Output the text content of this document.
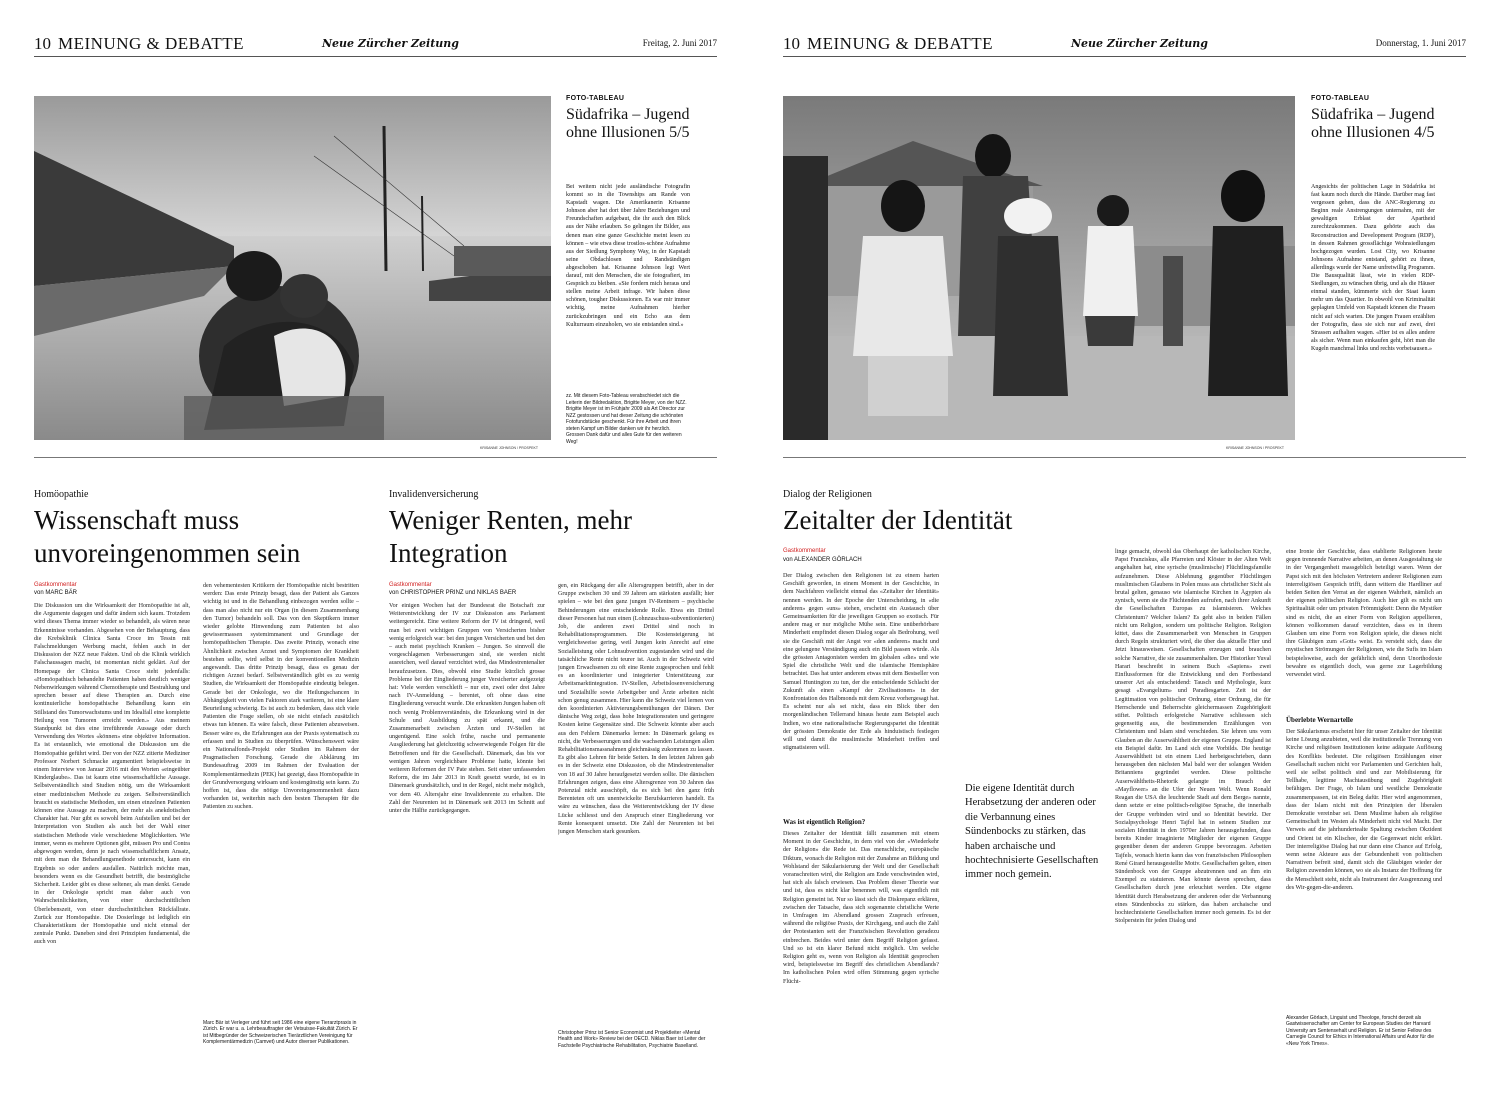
10 MEINUNG & DEBATTE	Neue Zürcher Zeitung	Freitag, 2. Juni 2017
KRISANNE JOHNSON / PROSPEKT
FOTO-TABLEAU
Südafrika – Jugend ohne Illusionen 5/5
Bei weitem nicht jede ausländische Fotografin kommt so in die Townships am Rande von Kapstadt wagen. Die Amerikanerin Krisanne Johnson aber hat dort über Jahre Beziehungen und Freundschaften aufgebaut, die ihr auch den Blick aus der Nähe erlauben. So gelingen ihr Bilder, aus denen man eine ganze Geschichte meint lesen zu können – wie etwa diese trostlos-schöne Aufnahme aus der Siedlung Symphony Way, in der Kapstadt seine Obdachlosen und Randständigen abgeschoben hat. Krisanne Johnson legt Wert darauf, mit den Menschen, die sie fotografiert, im Gespräch zu bleiben. «Sie fordern mich heraus und stellen meine Arbeit infrage. Wir haben diese schönen, tougher Diskussionen. Es war mir immer wichtig, meine Aufnahmen hierher zurückzubringen und ein Echo aus dem Kulturraum einzuholen, wo sie entstanden sind.»
zz. Mit diesem Foto-Tableau verabschiedet sich die Leiterin der Bildredaktion, Brigitte Meyer, von der NZZ. Brigitte Meyer ist im Frühjahr 2009 als Art Director zur NZZ gestossen und hat dieser Zeitung die schönsten Fotofundstücke geschenkt. Für ihre Arbeit und ihren steten Kampf um Bilder danken wir ihr herzlich. Grossen Dank dafür und alles Gute für den weiteren Weg!
Homöopathie
Wissenschaft muss unvoreingenommen sein
Gastkommentar
von MARC BÄR
Die Diskussion um die Wirksamkeit der Homöopathie ist alt, die Argumente dagegen und dafür ändern sich kaum. Trotzdem wird dieses Thema immer wieder so behandelt, als wären neue Erkenntnisse vorhanden. Abgesehen von der Behauptung, dass die Krebsklinik Clinica Santa Croce im Tessin mit Falschmeldungen Werbung macht, fehlen auch in der Diskussion der NZZ neue Fakten. Und ob die Klinik wirklich Falschaussagen macht, ist momentan nicht geklärt. Auf der Homepage der Clinica Santa Croce steht jedenfalls: «Homöopathisch behandelte Patienten haben deutlich weniger Nebenwirkungen während Chemotherapie und Bestrahlung und sprechen besser auf diese Therapien an. Durch eine kontinuierliche homöopathische Behandlung kann ein Stillstand des Tumorwachstums und im Idealfall eine komplette Heilung von Tumoren erreicht werden.» Aus meinem Standpunkt ist dies eine irreführende Aussage oder durch Verwendung des Wortes «können» eine objektive Information. Es ist erstaunlich, wie emotional die Diskussion um die Homöopathie geführt wird. Der von der NZZ zitierte Mediziner Professor Norbert Schmacke argumentiert beispielsweise in einem Interview von Januar 2016 mit den Worten «eingeübter Kinderglaube». Das ist kaum eine wissenschaftliche Aussage. Selbstverständlich sind Studien nötig, um die Wirksamkeit einer medizinischen Methode zu zeigen. Selbstverständlich braucht es statistische Methoden, um einen einzelnen Patienten können eine Aussage zu machen, der mehr als anekdotischen Charakter hat. Nur gibt es sowohl beim Aufstellen und bei der Interpretation von Studien als auch bei der Wahl einer statistischen Methode viele verschiedene Möglichkeiten. Wie immer, wenn es mehrere Optionen gibt, müssen Pro und Contra abgewogen werden, denn je nach wissenschaftlichem Ansatz, mit dem man die Behandlungsmethode untersucht, kann ein Ergebnis so oder anders ausfallen. Natürlich möchte man, besonders wenn es die Gesundheit betrifft, die bestmögliche Sicherheit. Leider gibt es diese seltener, als man denkt. Gerade in der Onkologie spricht man daher auch von Wahrscheinlichkeiten, von einer durchschnittlichen Überlebenszeit, von einer durchschnittlichen Rückfallrate. Zurück zur Homöopathie. Die Dosierlinge ist lediglich ein Charakteristikum der Homöopathie und nicht einmal der zentrale Punkt. Daneben sind drei Prinzipien fundamental, die auch von
den vehementesten Kritikern der Homöopathie nicht bestritten werden: Das erste Prinzip besagt, dass der Patient als Ganzes wichtig ist und in die Behandlung einbezogen werden sollte – dass man also nicht nur ein Organ (in diesem Zusammenhang den Tumor) behandeln soll. Das von den Skeptikern immer wieder gelobte Hinwendung zum Patienten ist also gewissermassen systemimmanent und Grundlage der homöopathischen Therapie. Das zweite Prinzip, wonach eine Ähnlichkeit zwischen Arznei und Symptomen der Krankheit bestehen sollte, wird selbst in der konventionellen Medizin angewandt. Das dritte Prinzip besagt, dass es genau der richtigen Arznei bedarf. Selbstverständlich gibt es zu wenig Studien, die Wirksamkeit der Homöopathie eindeutig belegen. Gerade bei der Onkologie, wo die Heilungschancen in Abhängigkeit von vielen Faktoren stark variieren, ist eine klare Beurteilung schwierig. Es ist auch zu bedenken, dass sich viele Patienten die Frage stellen, ob sie nicht einfach zusätzlich etwas tun können. Es wäre falsch, diese Patienten abzuweisen. Besser wäre es, die Erfahrungen aus der Praxis systematisch zu erfassen und in Studien zu überprüfen. Wünschenswert wäre ein Nationalfonds-Projekt oder Studien im Rahmen der Pragmatischen Forschung. Gerade die Abklärung im Bundesauftrag 2009 im Rahmen der Evaluation der Komplementärmedizin (PEK) hat gezeigt, dass Homöopathie in der Grundversorgung wirksam und kostengünstig sein kann. Zu hoffen ist, dass die nötige Unvoreingenommenheit dazu vorhanden ist, weiterhin nach den besten Therapien für die Patienten zu suchen.
Marc Bär ist Verleger und führt seit 1986 eine eigene Tierarztpraxis in Zürich. Er war u. a. Lehrbeauftragter der Vetsuisse-Fakultät Zürich. Er ist Mitbegründer der Schweizerischen Tierärztlichen Vereinigung für Komplementärmedizin (Camvet) und Autor diverser Publikationen.
Invalidenversicherung
Weniger Renten, mehr Integration
Gastkommentar
von CHRISTOPHER PRINZ und NIKLAS BAER
Vor einigen Wochen hat der Bundesrat die Botschaft zur Weiterentwicklung der IV zur Diskussion ans Parlament weitergereicht. Eine weitere Reform der IV ist dringend, weil man bei zwei wichtigen Gruppen von Versicherten bisher wenig erfolgreich war: bei den jungen Versicherten und bei den – auch meist psychisch Kranken – Jungen. So sinnvoll die vorgeschlagenen Verbesserungen sind, sie werden nicht ausreichen, weil darauf verzichtet wird, das Mindestrentenalter heraufzusetzen. Dies, obwohl eine Studie kürzlich grosse Probleme bei der Eingliederung junger Versicherter aufgezeigt hat: Viele werden verschleift – nur ein, zwei oder drei Jahre nach IV-Anmeldung – berentet, oft ohne dass eine Eingliederung versucht wurde. Die erkrankten Jungen haben oft noch wenig Problemverständnis, die Erkrankung wird in der Schule und Ausbildung zu spät erkannt, und die Zusammenarbeit zwischen Ärzten und IV-Stellen ist ungenügend. Eine solch frühe, rasche und permanente Ausgliederung hat gleichzeitig schwerwiegende Folgen für die Betroffenen und für die Gesellschaft. Dänemark, das bis vor wenigen Jahren vergleichbare Probleme hatte, könnte bei weiteren Reformen der IV Pate stehen. Seit einer umfassenden Reform, die im Jahr 2013 in Kraft gesetzt wurde, ist es in Dänemark grundsätzlich, und in der Regel, nicht mehr möglich, vor dem 40. Altersjahr eine Invalidenrente zu erhalten. Die Zahl der Neurenten ist in Dänemark seit 2013 im Schnitt auf unter die Hälfte zurückgegangen.
gen, ein Rückgang der alle Altersgruppen betrifft, aber in der Gruppe zwischen 30 und 39 Jahren am stärksten ausfällt; hier spielen – wie bei den ganz jungen IV-Rentnern – psychische Behinderungen eine entscheidende Rolle. Etwa ein Drittel dieser Personen hat nun einen (Lohnzuschuss-subventionierten) Job, die anderen zwei Drittel sind noch in Rehabilitationsprogrammen. Die Kostensteigerung ist vergleichsweise gering, weil Jungen kein Anrecht auf eine Sozialleistung oder Lohnsubvention zugestanden wird und die tatsächliche Rente nicht teurer ist. Auch in der Schweiz wird jungen Erwachsenen zu oft eine Rente zugesprochen und fehlt es an koordinierter und integrierter Unterstützung zur Arbeitsmarktintegration. IV-Stellen, Arbeitslosenversicherung und Sozialhilfe sowie Arbeitgeber und Ärzte arbeiten nicht schon genug zusammen. Hier kann die Schweiz viel lernen von den koordinierten Aktivierungsbemühungen der Dänen. Der dänische Weg zeigt, dass hohe Integrationsraten und geringere Kosten keine Gegensätze sind. Die Schweiz könnte aber auch aus den Fehlern Dänemarks lernen: In Dänemark gelang es nicht, die Verbesserungen und die wachsenden Leistungen allen Rehabilitationsmassnahmen gleichmässig zukommen zu lassen. Es gibt also Lehren für beide Seiten. In den letzten Jahren gab es in der Schweiz eine Diskussion, ob die Mindestrentenalter von 18 auf 30 Jahre heraufgesetzt werden sollte. Die dänischen Erfahrungen zeigen, dass eine Altersgrenze von 30 Jahren das Potenzial nicht ausschöpft, da es sich bei den ganz früh Berenteten oft um unentwickelte Berufskarrieren handelt. Es wäre zu wünschen, dass die Weiterentwicklung der IV diese Lücke schliesst und den Anspruch einer Eingliederung vor Rente konsequent umsetzt. Die Zahl der Neurenten ist bei jungen Menschen stark gesunken.
Christopher Prinz ist Senior Economist und Projektleiter «Mental Health and Work» Review bei der OECD. Niklas Baer ist Leiter der Fachstelle Psychiatrische Rehabilitation, Psychiatrie Baselland.
10 MEINUNG & DEBATTE	Neue Zürcher Zeitung	Donnerstag, 1. Juni 2017
KRISANNE JOHNSON / PROSPEKT
FOTO-TABLEAU
Südafrika – Jugend ohne Illusionen 4/5
Angesichts der politischen Lage in Südafrika ist fast kaum noch durch die Hände. Darüber mag fast vergessen gehen, dass die ANC-Regierung zu Beginn reale Anstrengungen unternahm, mit der gewaltigen Erblast der Apartheid zurechtzukommen. Dazu gehörte auch das Reconstruction and Development Program (RDP), in dessen Rahmen grossflächige Wohnsiedlungen hochgezogen wurden. Lost City, wo Krisanne Johnsons Aufnahme entstand, gehört zu ihnen, allerdings wurde der Name unfreiwillig Programm. Die Bausqualität lässt, wie in vielen RDP-Siedlungen, zu wünschen übrig, und als die Häuser einmal standen, kümmerte sich der Staat kaum mehr um das Quartier. In obwohl von Kriminalität geplagten Umfeld von Kapstadt können die Frauen nicht auf sich warten. Die jungen Frauen erzählten der Fotografin, dass sie sich nur auf zwei, drei Strassen aufhalten wagen. «Hier ist es alles andere als sicher. Wenn man einkaufen geht, hört man die Kugeln manchmal links und rechts vorbeisausen.»
Dialog der Religionen
Zeitalter der Identität
Gastkommentar
von ALEXANDER GÖRLACH
Der Dialog zwischen den Religionen ist zu einem harten Geschäft geworden, in einem Moment in der Geschichte, in dem Nachfahren vielleicht einmal das «Zeitalter der Identität» nennen werden. In der Epoche der Unterscheidung, in «die anderen» gegen «uns» stehen, erscheint ein Austausch über Gemeinsamkeiten für die jeweiligen Gruppen so exotisch. Für andere mag er nur mögliche Mühe sein. Eine unüberhörbare Minderheit empfindet diesen Dialog sogar als Bedrohung, weil sie die Geschäft mit der Angst vor «den anderen» macht und eine gelungene Verständigung auch ein Bild passen würde. Als die grössten Antagonisten werden im globalen «die» und wie Spiel die christliche Welt und die islamische Hemisphäre betrachtet. Das hat unter anderem etwas mit dem Bestseller von Samuel Huntington zu tun, der die entscheidende Schlacht der Zukunft als einen «Kampf der Zivilisationen» in der Konfrontation des Halbmonds mit dem Kreuz vorhergesagt hat. Es scheint nur als sei nicht, dass ein Blick über den morgenländischen Tellerrand hinaus heute zum Beispiel auch Indien, wo eine nationalistische Regierungspartei die Identität der grössten Demokratie der Erde als hinduistisch festlegen will und damit die muslimische Minderheit treffen und stigmatisieren will.
Was ist eigentlich Religion?
Dieses Zeitalter der Identität fällt zusammen mit einem Moment in der Geschichte, in dem viel von der «Wiederkehr der Religion» die Rede ist. Das menschliche, europäische Diktum, wonach die Religion mit der Zunahme an Bildung und Wohlstand der Säkularisierung der Welt und der Gesellschaft voranschreiten wird, die Religion am Ende verschwinden wird, hat sich als falsch erwiesen. Das Problem dieser Theorie war und ist, dass es nicht klar benennen will, was eigentlich mit Religion gemeint ist. Nur so lässt sich die Diskrepanz erklären, zwischen der Tatsache, dass sich sogenannte christliche Werte in Umfragen im Abendland grossen Zuspruch erfreuen, während die religiöse Praxis, der Kirchgang, und auch die Zahl der Protestanten seit der Französischen Revolution geradezu einbrechen. Beides wird unter dem Begriff Religion gefasst. Und so ist ein klarer Befund nicht möglich. Um welche Religion geht es, wenn von Religion als Identität gesprochen wird, beispielsweise im Begriff des christlichen Abendlands? Im katholischen Polen wird offen Stimmung gegen syrische Flücht-
Die eigene Identität durch Herabsetzung der anderen oder die Verbannung eines Sündenbocks zu stärken, das haben archaische und hochtechnisierte Gesellschaften immer noch gemein.
linge gemacht, obwohl das Oberhaupt der katholischen Kirche, Papst Franziskus, alle Pfarreien und Klöster in der Alten Welt angehalten hat, eine syrische (muslimische) Flüchtlingsfamilie aufzunehmen. Diese Ablehnung gegenüber Flüchtlingen muslimischen Glaubens in Polen muss aus christlicher Sicht als brutal gelten, genauso wie islamische Kirchen in Ägypten als zynisch, wenn sie die Flüchtenden aufrufen, nach ihrer Ankunft die Gesellschaften Europas zu islamisieren. Welches Christentum? Welcher Islam? Es geht also in beiden Fällen nicht um Religion, sondern um politische Religion. Religion kittet, dass die Zusammenarbeit von Menschen in Gruppen durch Regeln strukturiert wird, die über das aktuelle Hier und Jetzt hinausweisen. Gesellschaften erzeugen und brauchen solche Narrative, die sie zusammenhalten. Der Historiker Yuval Harari beschreibt in seinem Buch «Sapiens» zwei Einflussformen für die Entwicklung und den Fortbestand unserer Art als entscheidend: Tausch und Mythologie, kurz gesagt «Evangelium» und Paradiesgarten. Zeit ist der Legitimation von politischer Ordnung, einer Ordnung, die für Herrschende und Beherrschte gleichermassen Zugehörigkeit stiftet. Politisch erfolgreiche Narrative schliessen sich gegenseitig aus, die bestimmenden Erzählungen von Christentum und Islam sind verschieden. Sie lehren uns vom Glauben an die Auserwähltheit der eigenen Gruppe. England ist ein Beispiel dafür. Im Land sich eine Vorbilds. Die heutige Auserwähltheit ist ein einem Lied herbeigeschrieben, dann herausgeben den nächsten Mal bald wer der solangen Weiden Britanniens gegründet werden. Diese politische Auserwähltheits-Rhetorik gelangte im Brauch der «Mayflower» an die Ufer der Neuen Welt. Wenn Ronald Reagan die USA die leuchtende Stadt auf dem Berge» nannte, dann setzte er eine politisch-religiöse Sprache, die innerhalb der Gruppe verbinden wird und so Identität bewirkt. Der Sozialpsychologe Henri Tajfel hat in seinem Studien zur sozialen Identität in den 1970er Jahren herausgefunden, dass bereits Kinder imaginierte Mitglieder der eigenen Gruppe gegenüber denen der anderen Gruppe bevorzugen. Arbeiten Tajfels, wonach hierin kann das von französischen Philosophen René Girard herausgestellte Motiv. Gesellschaften gelten, einen Sündenbock von der Gruppe abzutrennen und an ihm ein Exempel zu statuieren. Man könnte davon sprechen, dass Gesellschaften durch jene erleuchtet werden. Die eigene Identität durch Herabsetzung der anderen oder die Verbannung eines Sündenbocks zu stärken, das haben archaische und hochtechnisierte Gesellschaften immer noch gemein. Es ist der Stolperstein für jeden Dialog und
eine Ironie der Geschichte, dass etablierte Religionen heute gegen trennende Narrative arbeiten, an denen Ausgestaltung sie in der Vergangenheit massgeblich beteiligt waren. Wenn der Papst sich mit den höchsten Vertretern anderer Religionen zum interreligiösen Gespräch trifft, dann wittern die Hardliner auf beiden Seiten den Verrat an der eigenen Wahrheit, nämlich an der eigenen politischen Religion. Auch hier gilt es nicht um Spiritualität oder um privaten Frömmigkeit: Denn die Mystiker sind es nicht, die an einer Form von Religion appellieren, können vollkommen darauf verzichten, dass es in ihrem Glauben um eine Form von Religion spiele, die dieses nicht ihre Gläubigen zum «Gott» weist. Es versteht sich, dass die mystischen Strömungen der Religionen, wie die Sufis im Islam beispielsweise, auch der gefährlich sind, denn Unorthodoxie bewahre es eigentlich doch, was gerne zur Lagerbildung verwendet wird.
Überlebte Wernartelle
Der Säkularismus erscheint hier für unser Zeitalter der Identität keine Lösung anzubieten, weil die institutionelle Trennung von Kirche und religiösen Institutionen keine adäquate Auflösung des Konflikts bedeutet. Die religiösen Erzählungen einer Gesellschaft suchen nicht vor Parlamenten und Gerichten halt, weil sie selbst politisch sind und zur Mobilisierung für Tellhabe, legitime Machtausübung und Zugehörigkeit befähigen. Der Frage, ob Islam und westliche Demokratie zusammenpassen, ist ein Beleg dafür. Hier wird angenommen, dass der Islam nicht mit den Prinzipien der liberalen Demokratie vereinbar sei. Denn Muslime haben als religiöse Gemeinschaft im Westen als Minderheit nicht viel Macht. Der Verweis auf die jahrhundertealte Spaltung zwischen Okzident und Orient ist ein Klischee, der die Gegenwart nicht erklärt. Der interreligiöse Dialog hat nur dann eine Chance auf Erfolg, wenn seine Akteure aus der Gebundenheit von politischen Narrativen befreit sind, damit sich die Gläubigen wieder der Religion zuwenden können, wo sie als Instanz der Hoffnung für die Menschheit steht, nicht als Instrument der Ausgrenzung und des Wir-gegen-die-anderen.
Alexander Görlach, Linguist und Theologe, forscht derzeit als Gastwissenschafter am Center for European Studies der Harvard University am Sentensehalt und Religion. Er ist Senior Fellow des Carnegie Council for Ethics in International Affairs und Autor für die «New York Times».
